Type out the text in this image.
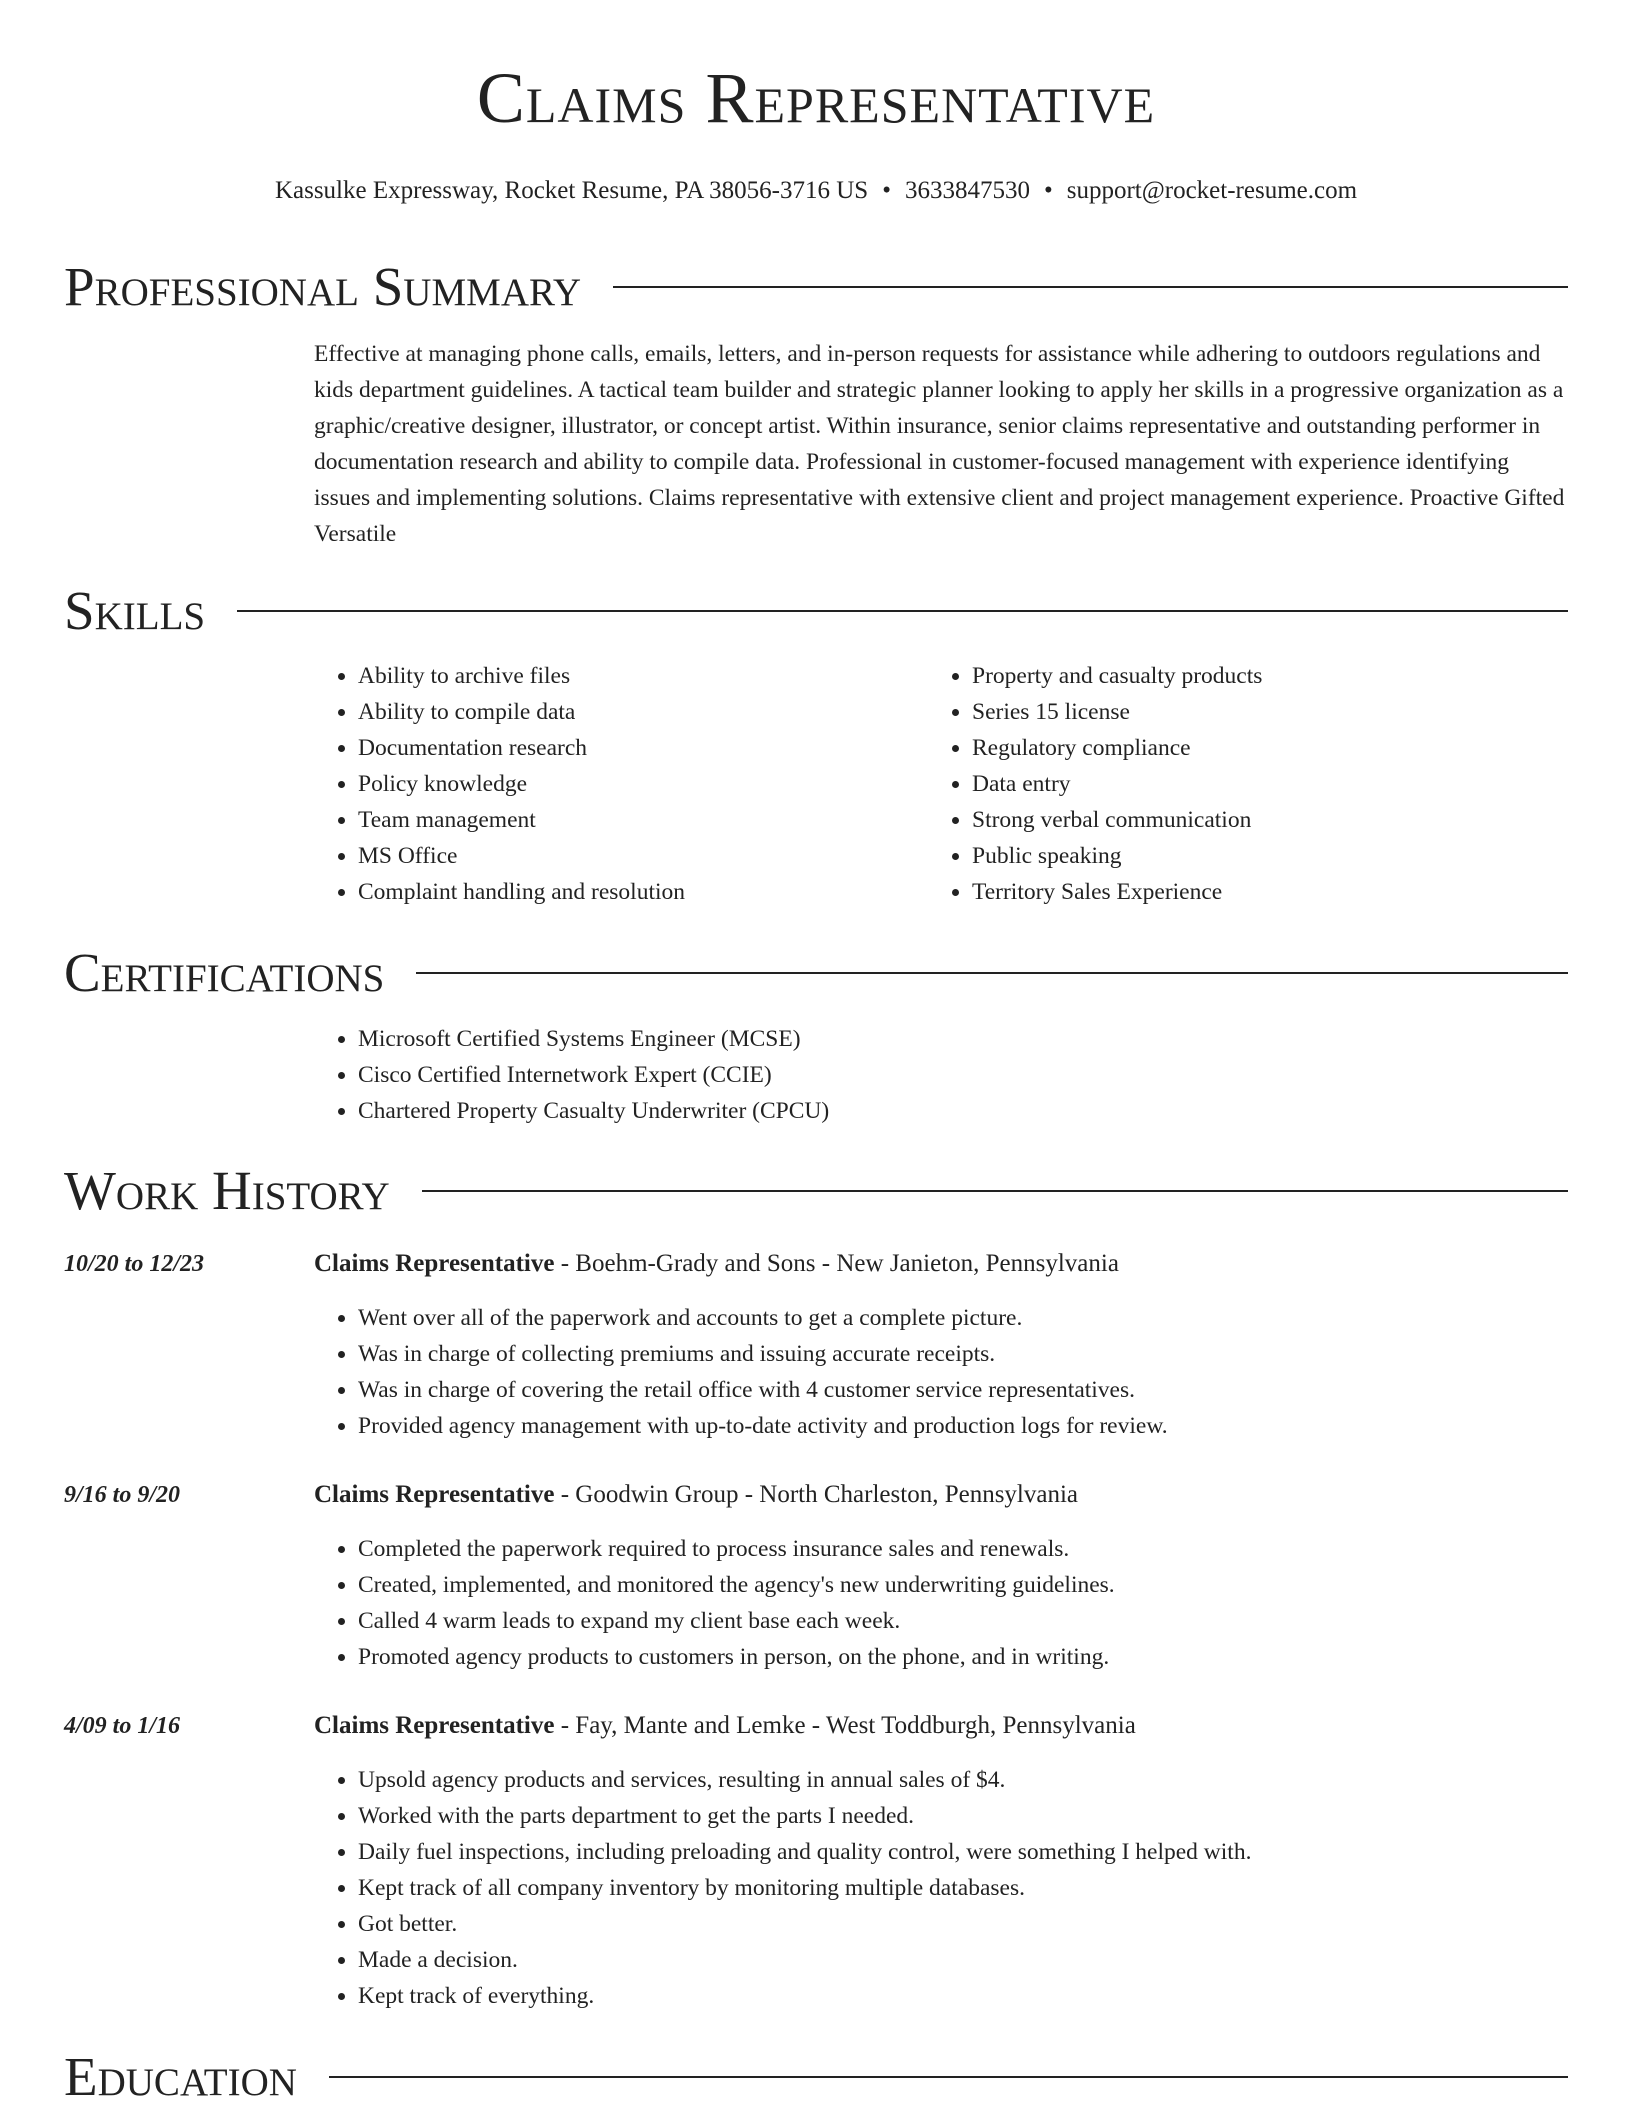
Claims Representative
Kassulke Expressway, Rocket Resume, PA 38056-3716 US • 3633847530 • support@rocket-resume.com
Professional Summary
Effective at managing phone calls, emails, letters, and in-person requests for assistance while adhering to outdoors regulations and kids department guidelines. A tactical team builder and strategic planner looking to apply her skills in a progressive organization as a graphic/creative designer, illustrator, or concept artist. Within insurance, senior claims representative and outstanding performer in documentation research and ability to compile data. Professional in customer-focused management with experience identifying issues and implementing solutions. Claims representative with extensive client and project management experience. Proactive Gifted Versatile
Skills
• Ability to archive files
• Ability to compile data
• Documentation research
• Policy knowledge
• Team management
• MS Office
• Complaint handling and resolution
• Property and casualty products
• Series 15 license
• Regulatory compliance
• Data entry
• Strong verbal communication
• Public speaking
• Territory Sales Experience
Certifications
• Microsoft Certified Systems Engineer (MCSE)
• Cisco Certified Internetwork Expert (CCIE)
• Chartered Property Casualty Underwriter (CPCU)
Work History
10/20 to 12/23	Claims Representative - Boehm-Grady and Sons - New Janieton, Pennsylvania
• Went over all of the paperwork and accounts to get a complete picture.
• Was in charge of collecting premiums and issuing accurate receipts.
• Was in charge of covering the retail office with 4 customer service representatives.
• Provided agency management with up-to-date activity and production logs for review.
9/16 to 9/20	Claims Representative - Goodwin Group - North Charleston, Pennsylvania
• Completed the paperwork required to process insurance sales and renewals.
• Created, implemented, and monitored the agency's new underwriting guidelines.
• Called 4 warm leads to expand my client base each week.
• Promoted agency products to customers in person, on the phone, and in writing.
4/09 to 1/16	Claims Representative - Fay, Mante and Lemke - West Toddburgh, Pennsylvania
• Upsold agency products and services, resulting in annual sales of $4.
• Worked with the parts department to get the parts I needed.
• Daily fuel inspections, including preloading and quality control, were something I helped with.
• Kept track of all company inventory by monitoring multiple databases.
• Got better.
• Made a decision.
• Kept track of everything.
Education
